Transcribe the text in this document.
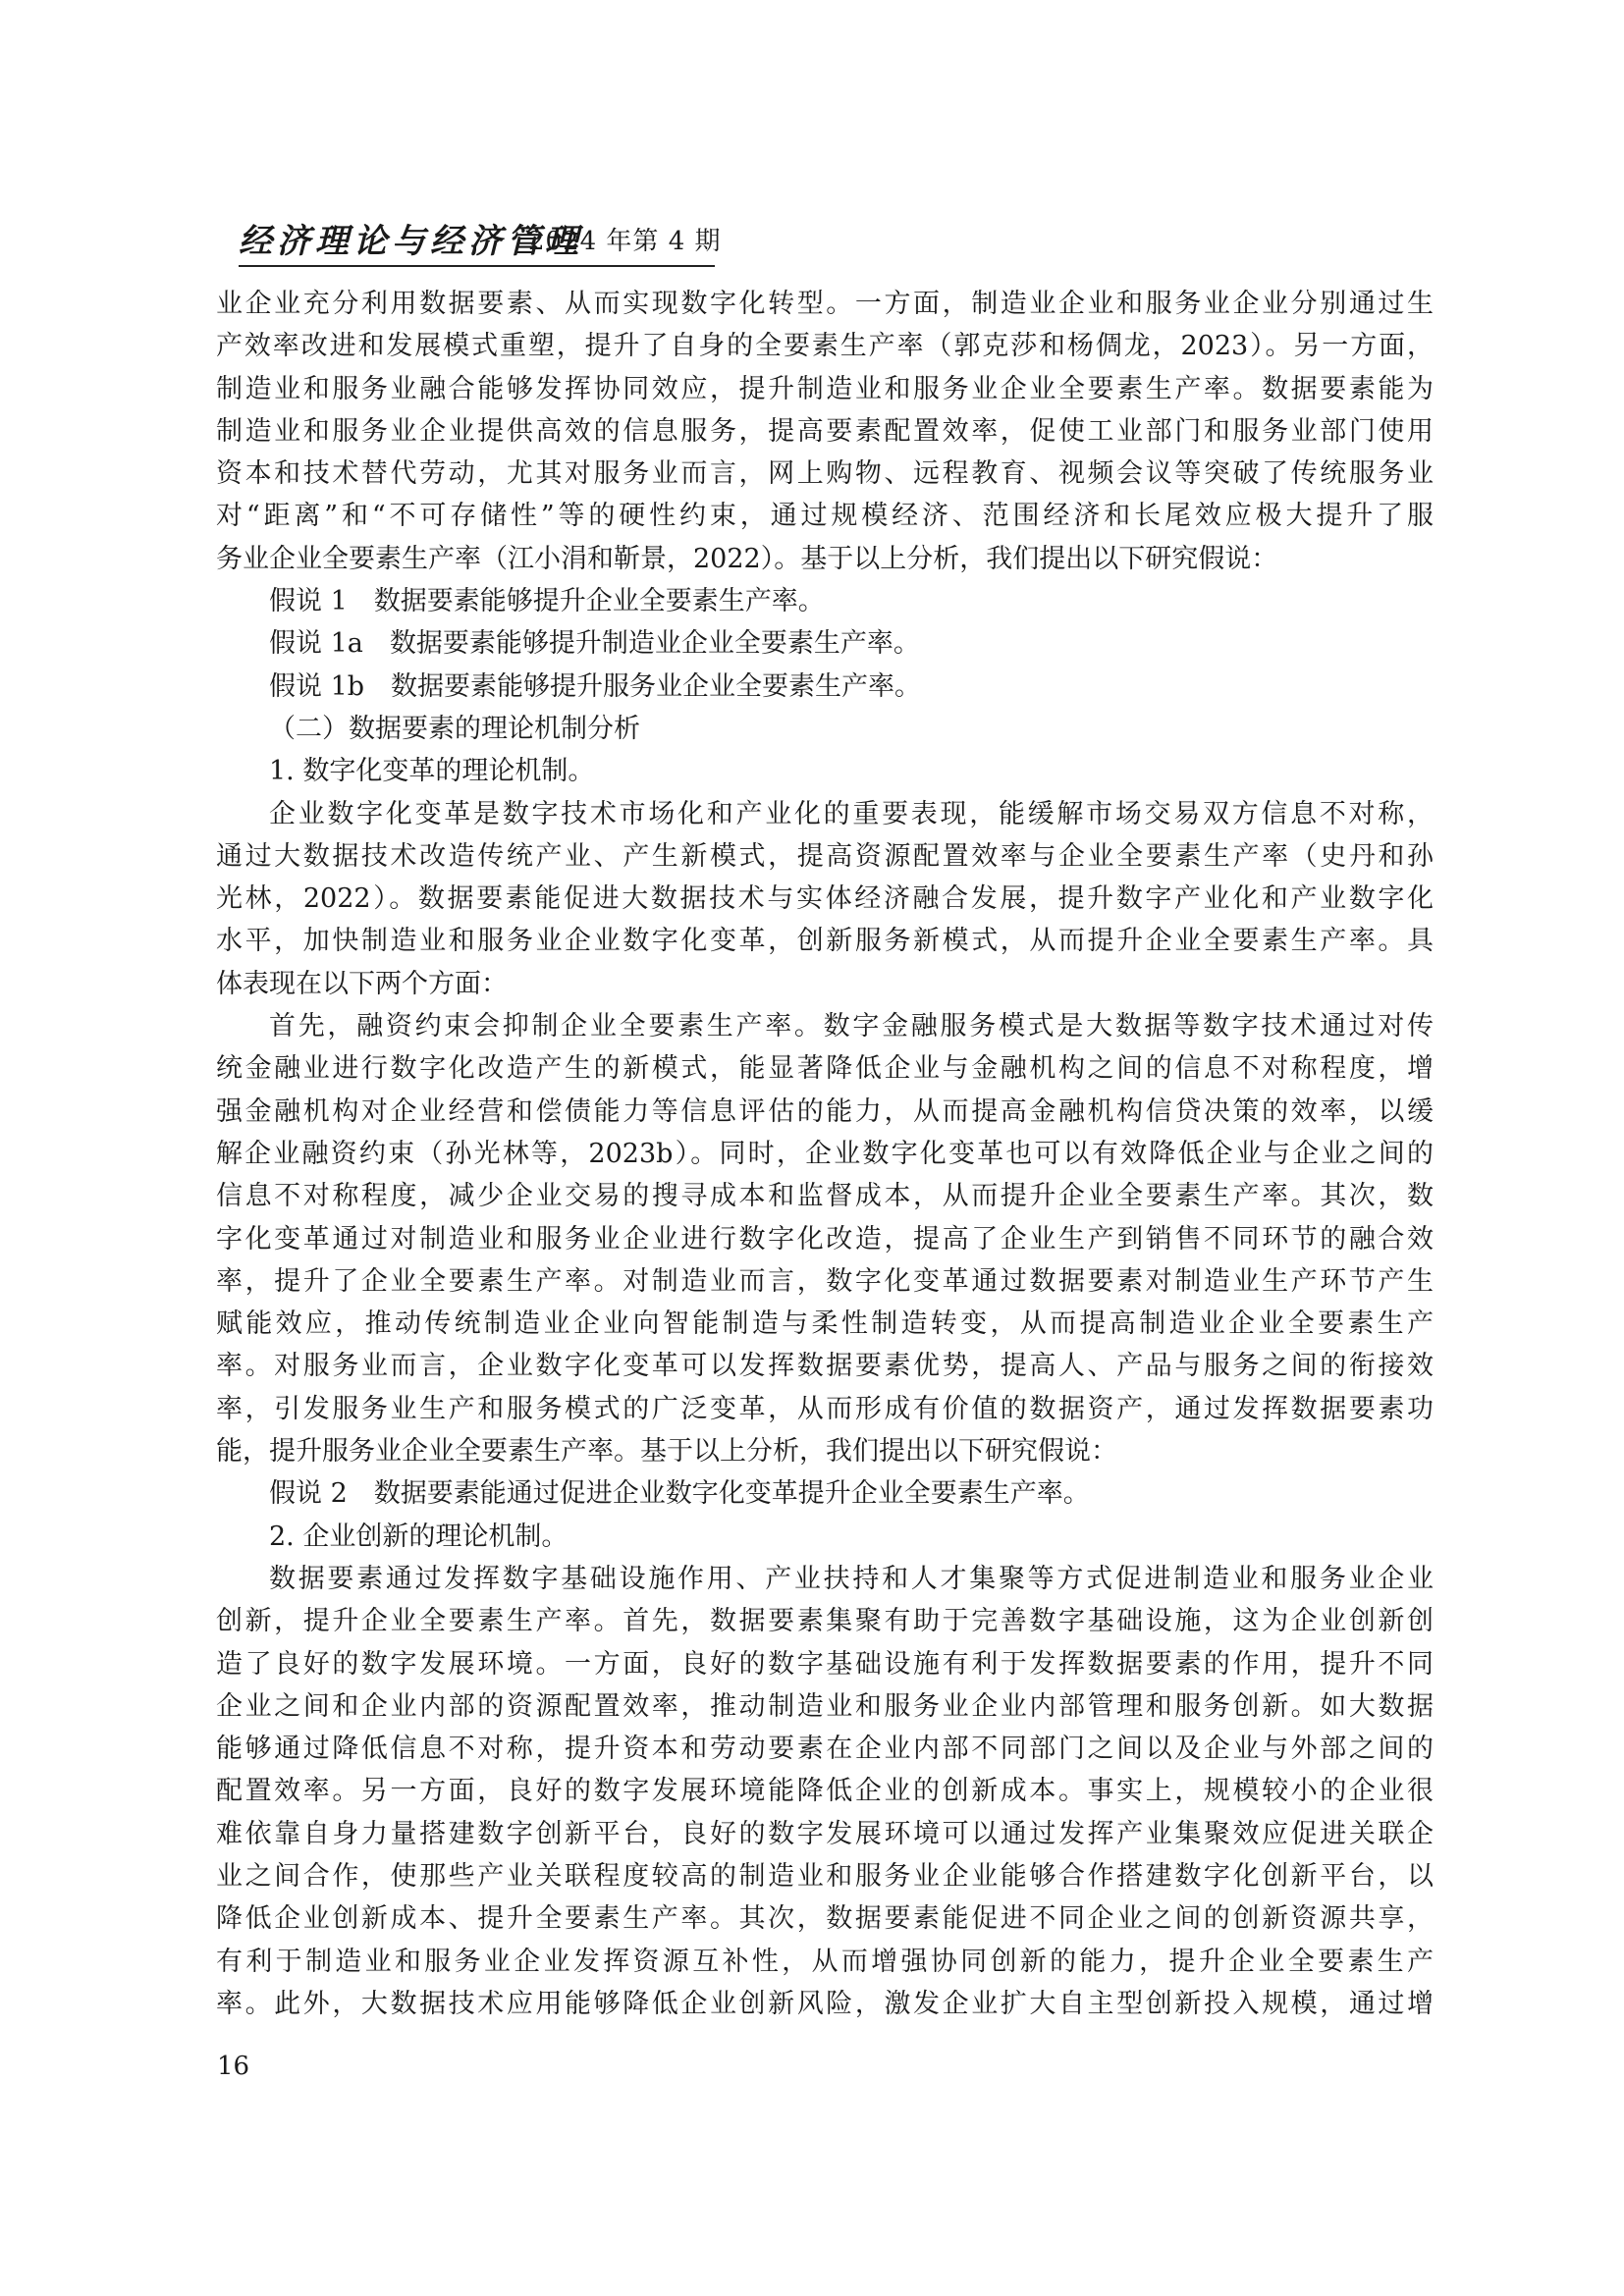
经济理论与经济管理
2024 年第 4 期
业企业充分利用数据要素、从而实现数字化转型。一方面，制造业企业和服务业企业分别通过生
产效率改进和发展模式重塑，提升了自身的全要素生产率（郭克莎和杨倜龙，2023）。另一方面，
制造业和服务业融合能够发挥协同效应，提升制造业和服务业企业全要素生产率。数据要素能为
制造业和服务业企业提供高效的信息服务，提高要素配置效率，促使工业部门和服务业部门使用
资本和技术替代劳动，尤其对服务业而言，网上购物、远程教育、视频会议等突破了传统服务业
对“距离”和“不可存储性”等的硬性约束，通过规模经济、范围经济和长尾效应极大提升了服
务业企业全要素生产率（江小涓和靳景，2022）。基于以上分析，我们提出以下研究假说：
假说 1　数据要素能够提升企业全要素生产率。
假说 1a　数据要素能够提升制造业企业全要素生产率。
假说 1b　数据要素能够提升服务业企业全要素生产率。
（二）数据要素的理论机制分析
1. 数字化变革的理论机制。
企业数字化变革是数字技术市场化和产业化的重要表现，能缓解市场交易双方信息不对称，
通过大数据技术改造传统产业、产生新模式，提高资源配置效率与企业全要素生产率（史丹和孙
光林，2022）。数据要素能促进大数据技术与实体经济融合发展，提升数字产业化和产业数字化
水平，加快制造业和服务业企业数字化变革，创新服务新模式，从而提升企业全要素生产率。具
体表现在以下两个方面：
首先，融资约束会抑制企业全要素生产率。数字金融服务模式是大数据等数字技术通过对传
统金融业进行数字化改造产生的新模式，能显著降低企业与金融机构之间的信息不对称程度，增
强金融机构对企业经营和偿债能力等信息评估的能力，从而提高金融机构信贷决策的效率，以缓
解企业融资约束（孙光林等，2023b）。同时，企业数字化变革也可以有效降低企业与企业之间的
信息不对称程度，减少企业交易的搜寻成本和监督成本，从而提升企业全要素生产率。其次，数
字化变革通过对制造业和服务业企业进行数字化改造，提高了企业生产到销售不同环节的融合效
率，提升了企业全要素生产率。对制造业而言，数字化变革通过数据要素对制造业生产环节产生
赋能效应，推动传统制造业企业向智能制造与柔性制造转变，从而提高制造业企业全要素生产
率。对服务业而言，企业数字化变革可以发挥数据要素优势，提高人、产品与服务之间的衔接效
率，引发服务业生产和服务模式的广泛变革，从而形成有价值的数据资产，通过发挥数据要素功
能，提升服务业企业全要素生产率。基于以上分析，我们提出以下研究假说：
假说 2　数据要素能通过促进企业数字化变革提升企业全要素生产率。
2. 企业创新的理论机制。
数据要素通过发挥数字基础设施作用、产业扶持和人才集聚等方式促进制造业和服务业企业
创新，提升企业全要素生产率。首先，数据要素集聚有助于完善数字基础设施，这为企业创新创
造了良好的数字发展环境。一方面，良好的数字基础设施有利于发挥数据要素的作用，提升不同
企业之间和企业内部的资源配置效率，推动制造业和服务业企业内部管理和服务创新。如大数据
能够通过降低信息不对称，提升资本和劳动要素在企业内部不同部门之间以及企业与外部之间的
配置效率。另一方面，良好的数字发展环境能降低企业的创新成本。事实上，规模较小的企业很
难依靠自身力量搭建数字创新平台，良好的数字发展环境可以通过发挥产业集聚效应促进关联企
业之间合作，使那些产业关联程度较高的制造业和服务业企业能够合作搭建数字化创新平台，以
降低企业创新成本、提升全要素生产率。其次，数据要素能促进不同企业之间的创新资源共享，
有利于制造业和服务业企业发挥资源互补性，从而增强协同创新的能力，提升企业全要素生产
率。此外，大数据技术应用能够降低企业创新风险，激发企业扩大自主型创新投入规模，通过增
16
